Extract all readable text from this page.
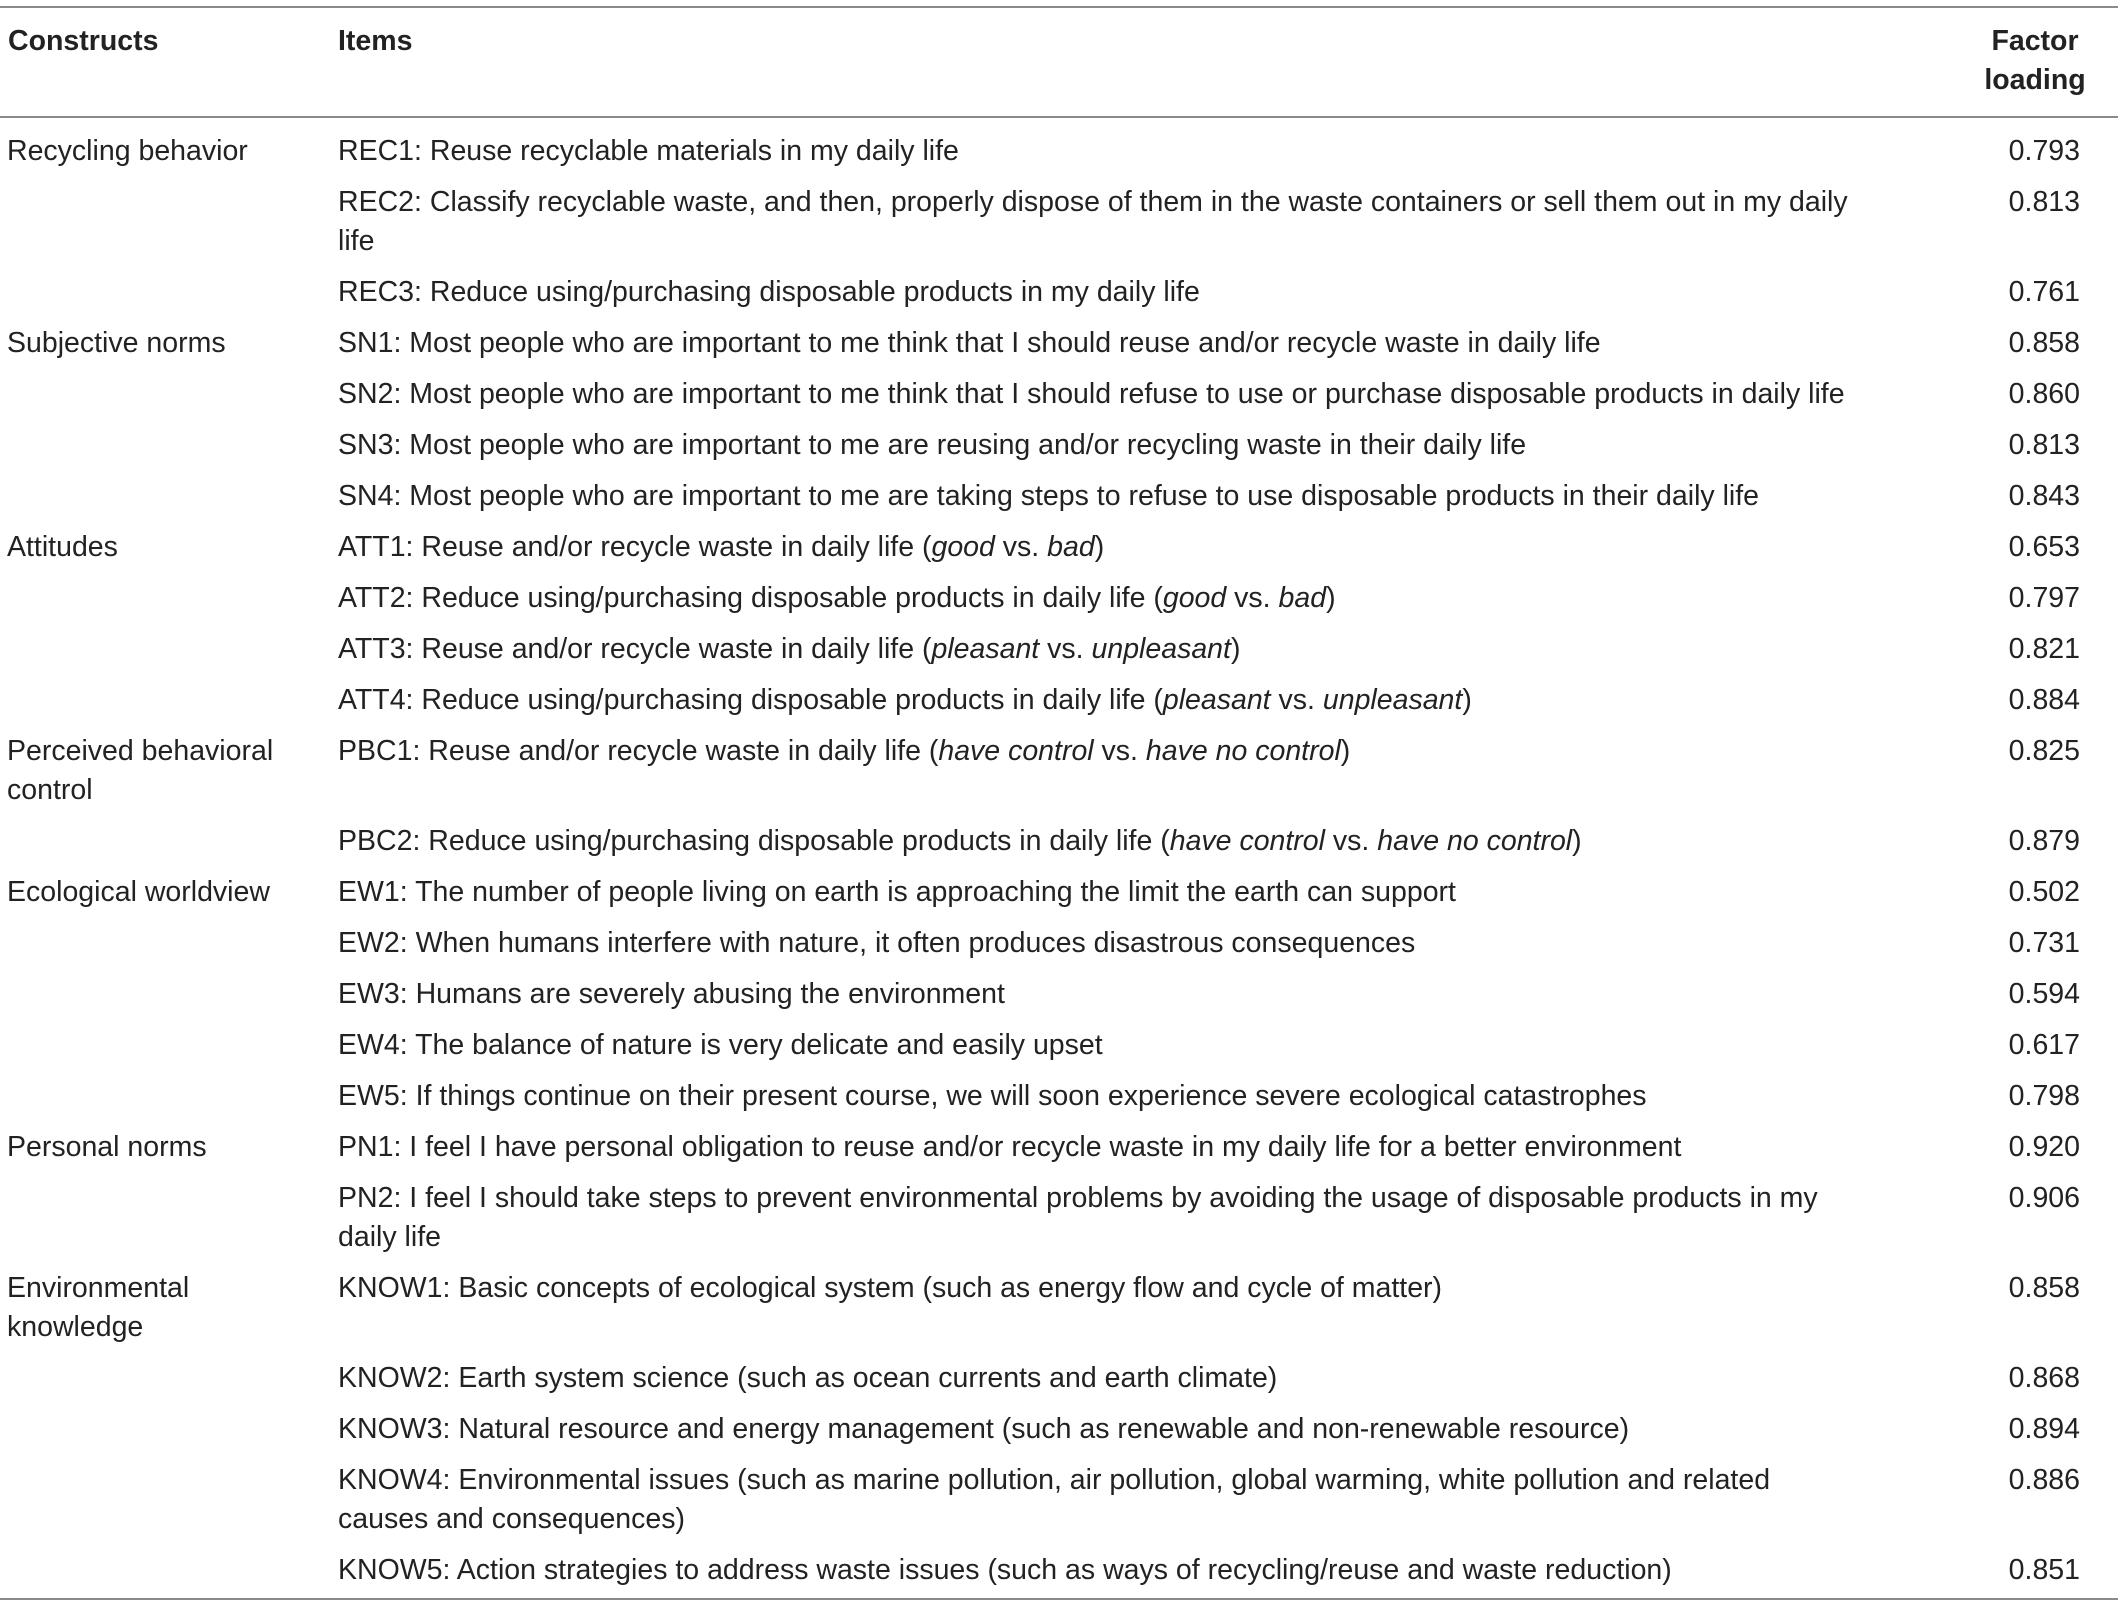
Constructs	Items	Factor
loading
Recycling behavior	REC1: Reuse recyclable materials in my daily life	0.793
	REC2: Classify recyclable waste, and then, properly dispose of them in the waste containers or sell them out in my daily life	0.813
	REC3: Reduce using/purchasing disposable products in my daily life	0.761
Subjective norms	SN1: Most people who are important to me think that I should reuse and/or recycle waste in daily life	0.858
	SN2: Most people who are important to me think that I should refuse to use or purchase disposable products in daily life	0.860
	SN3: Most people who are important to me are reusing and/or recycling waste in their daily life	0.813
	SN4: Most people who are important to me are taking steps to refuse to use disposable products in their daily life	0.843
Attitudes	ATT1: Reuse and/or recycle waste in daily life (good vs. bad)	0.653
	ATT2: Reduce using/purchasing disposable products in daily life (good vs. bad)	0.797
	ATT3: Reuse and/or recycle waste in daily life (pleasant vs. unpleasant)	0.821
	ATT4: Reduce using/purchasing disposable products in daily life (pleasant vs. unpleasant)	0.884
Perceived behavioral control	PBC1: Reuse and/or recycle waste in daily life (have control vs. have no control)	0.825
	PBC2: Reduce using/purchasing disposable products in daily life (have control vs. have no control)	0.879
Ecological worldview	EW1: The number of people living on earth is approaching the limit the earth can support	0.502
	EW2: When humans interfere with nature, it often produces disastrous consequences	0.731
	EW3: Humans are severely abusing the environment	0.594
	EW4: The balance of nature is very delicate and easily upset	0.617
	EW5: If things continue on their present course, we will soon experience severe ecological catastrophes	0.798
Personal norms	PN1: I feel I have personal obligation to reuse and/or recycle waste in my daily life for a better environment	0.920
	PN2: I feel I should take steps to prevent environmental problems by avoiding the usage of disposable products in my daily life	0.906
Environmental knowledge	KNOW1: Basic concepts of ecological system (such as energy flow and cycle of matter)	0.858
	KNOW2: Earth system science (such as ocean currents and earth climate)	0.868
	KNOW3: Natural resource and energy management (such as renewable and non-renewable resource)	0.894
	KNOW4: Environmental issues (such as marine pollution, air pollution, global warming, white pollution and related causes and consequences)	0.886
	KNOW5: Action strategies to address waste issues (such as ways of recycling/reuse and waste reduction)	0.851
